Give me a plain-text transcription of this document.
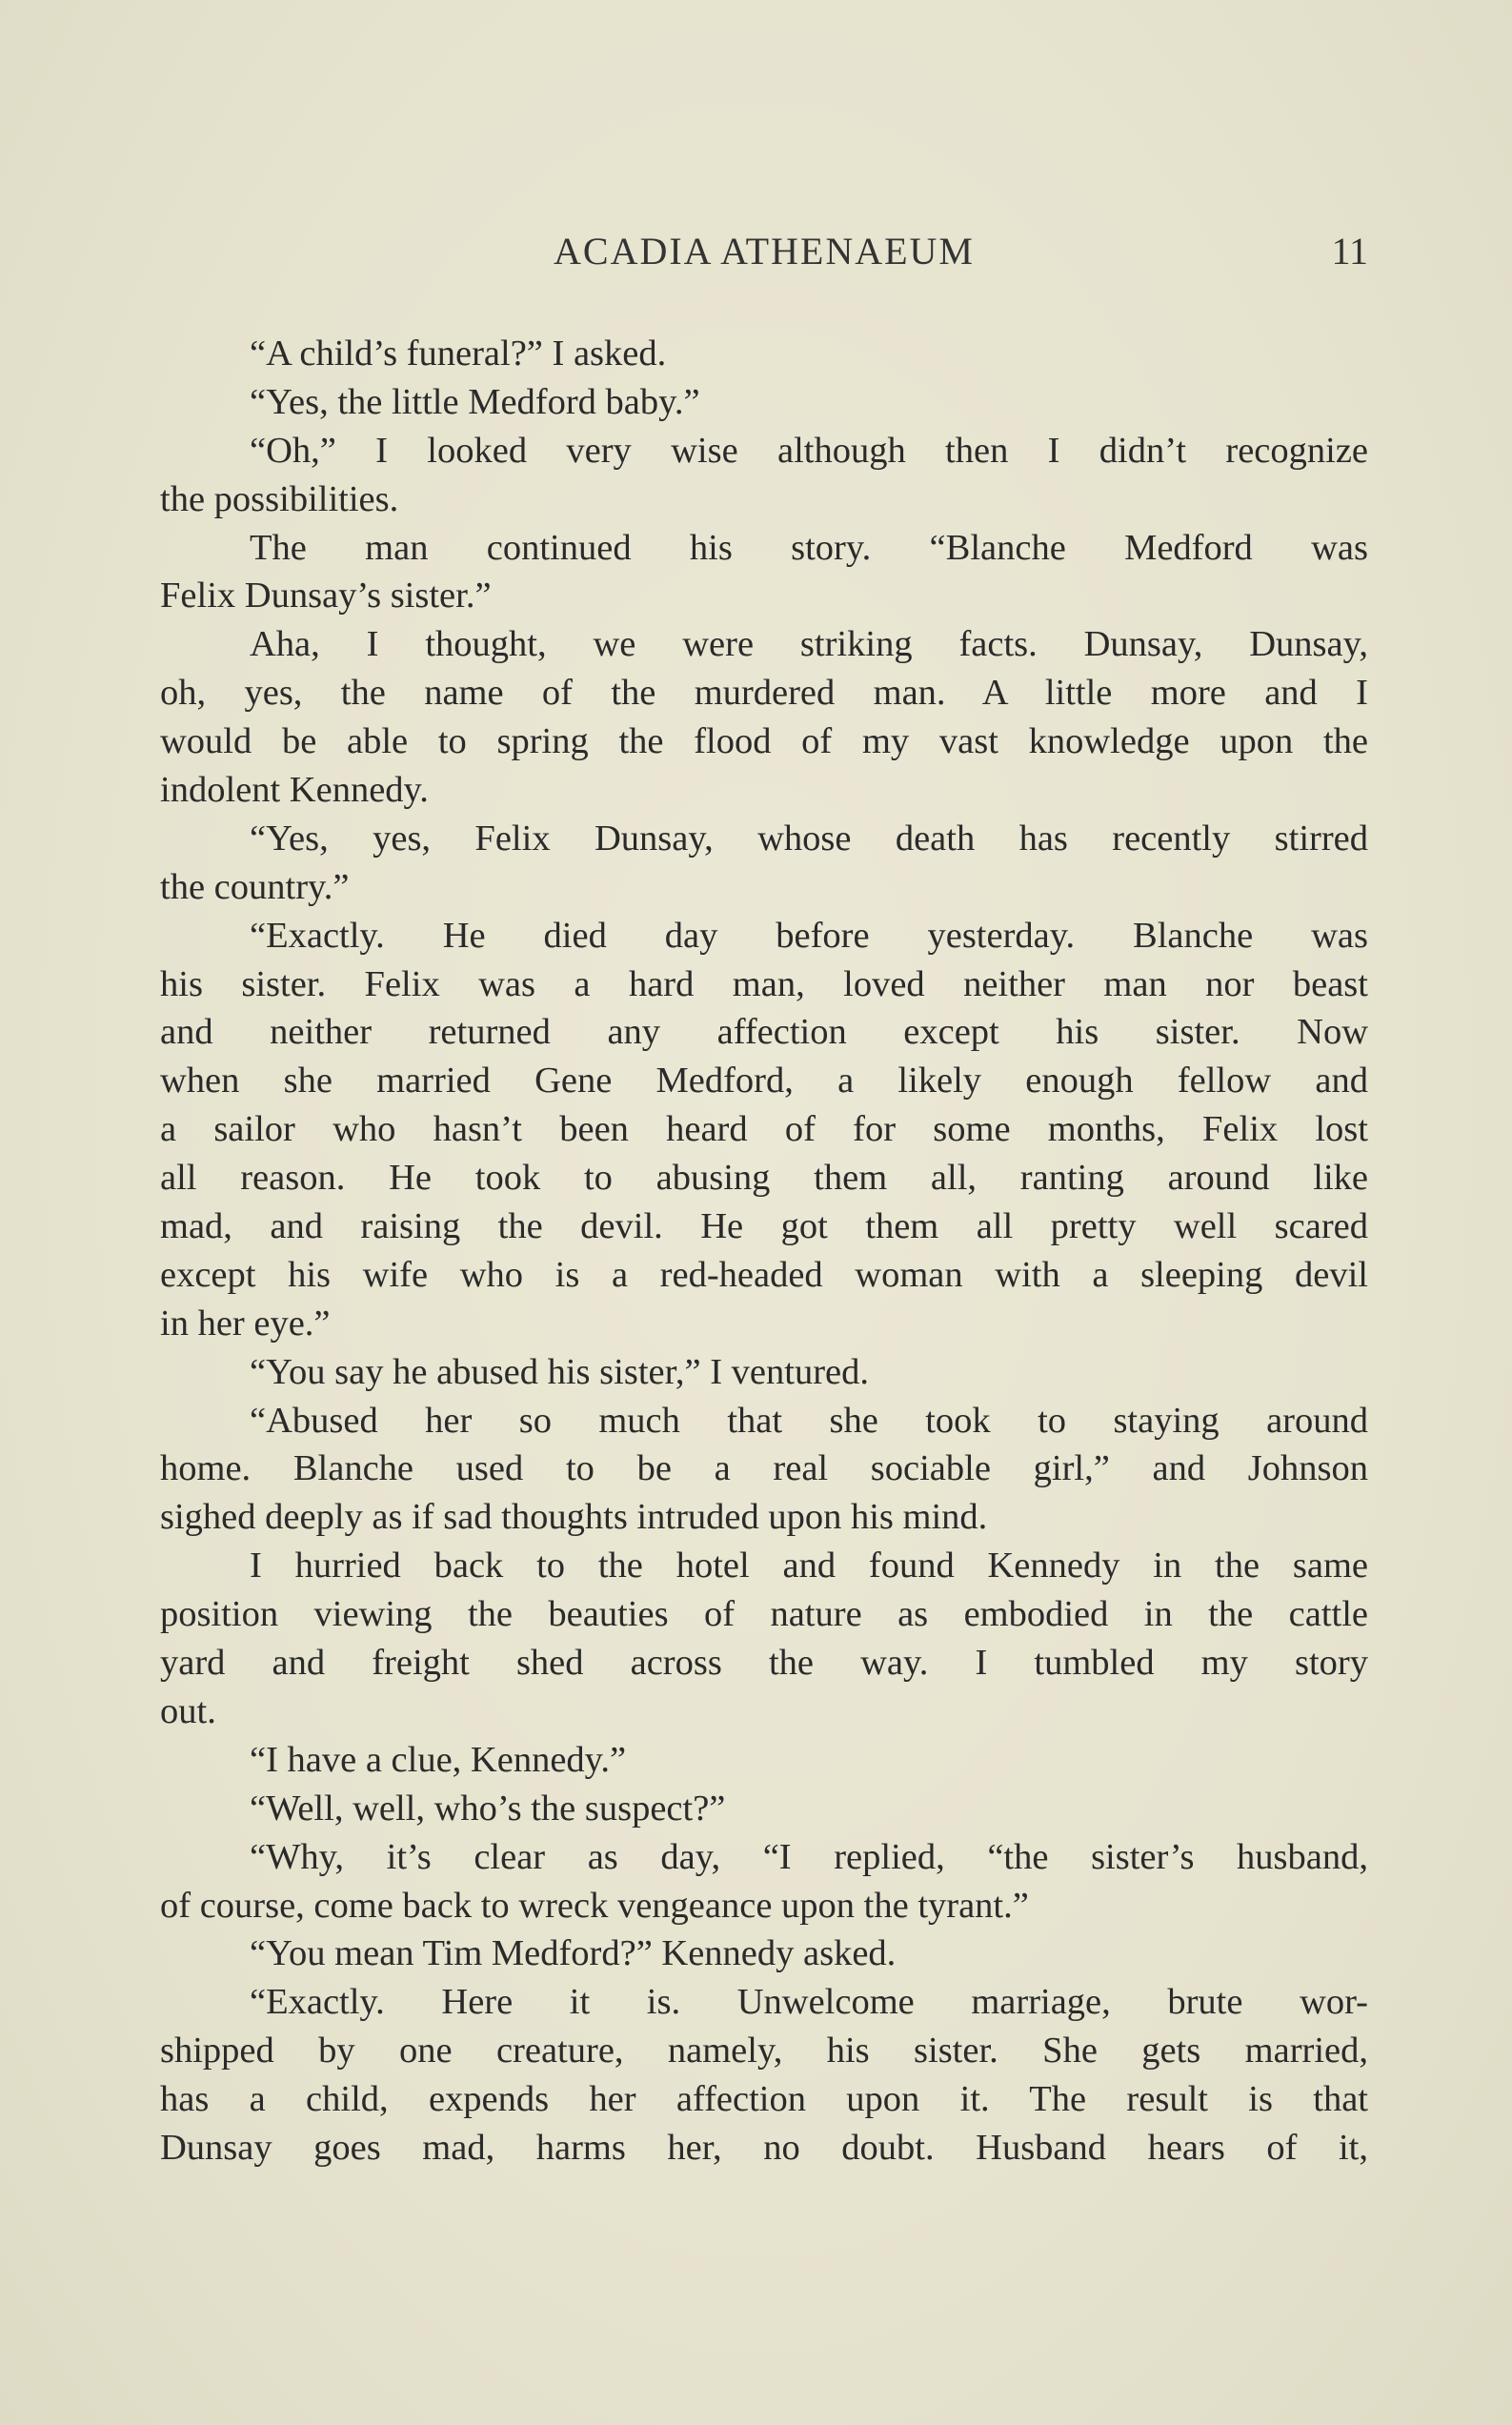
ACADIA ATHENAEUM	11
“A child’s funeral?” I asked.
“Yes, the little Medford baby.”
“Oh,” I looked very wise although then I didn’t recognize
the possibilities.
The man continued his story. “Blanche Medford was
Felix Dunsay’s sister.”
Aha, I thought, we were striking facts. Dunsay, Dunsay,
oh, yes, the name of the murdered man. A little more and I
would be able to spring the flood of my vast knowledge upon the
indolent Kennedy.
“Yes, yes, Felix Dunsay, whose death has recently stirred
the country.”
“Exactly. He died day before yesterday. Blanche was
his sister. Felix was a hard man, loved neither man nor beast
and neither returned any affection except his sister. Now
when she married Gene Medford, a likely enough fellow and
a sailor who hasn’t been heard of for some months, Felix lost
all reason. He took to abusing them all, ranting around like
mad, and raising the devil. He got them all pretty well scared
except his wife who is a red-headed woman with a sleeping devil
in her eye.”
“You say he abused his sister,” I ventured.
“Abused her so much that she took to staying around
home. Blanche used to be a real sociable girl,” and Johnson
sighed deeply as if sad thoughts intruded upon his mind.
I hurried back to the hotel and found Kennedy in the same
position viewing the beauties of nature as embodied in the cattle
yard and freight shed across the way. I tumbled my story
out.
“I have a clue, Kennedy.”
“Well, well, who’s the suspect?”
“Why, it’s clear as day, “I replied, “the sister’s husband,
of course, come back to wreck vengeance upon the tyrant.”
“You mean Tim Medford?” Kennedy asked.
“Exactly. Here it is. Unwelcome marriage, brute wor-
shipped by one creature, namely, his sister. She gets married,
has a child, expends her affection upon it. The result is that
Dunsay goes mad, harms her, no doubt. Husband hears of it,
